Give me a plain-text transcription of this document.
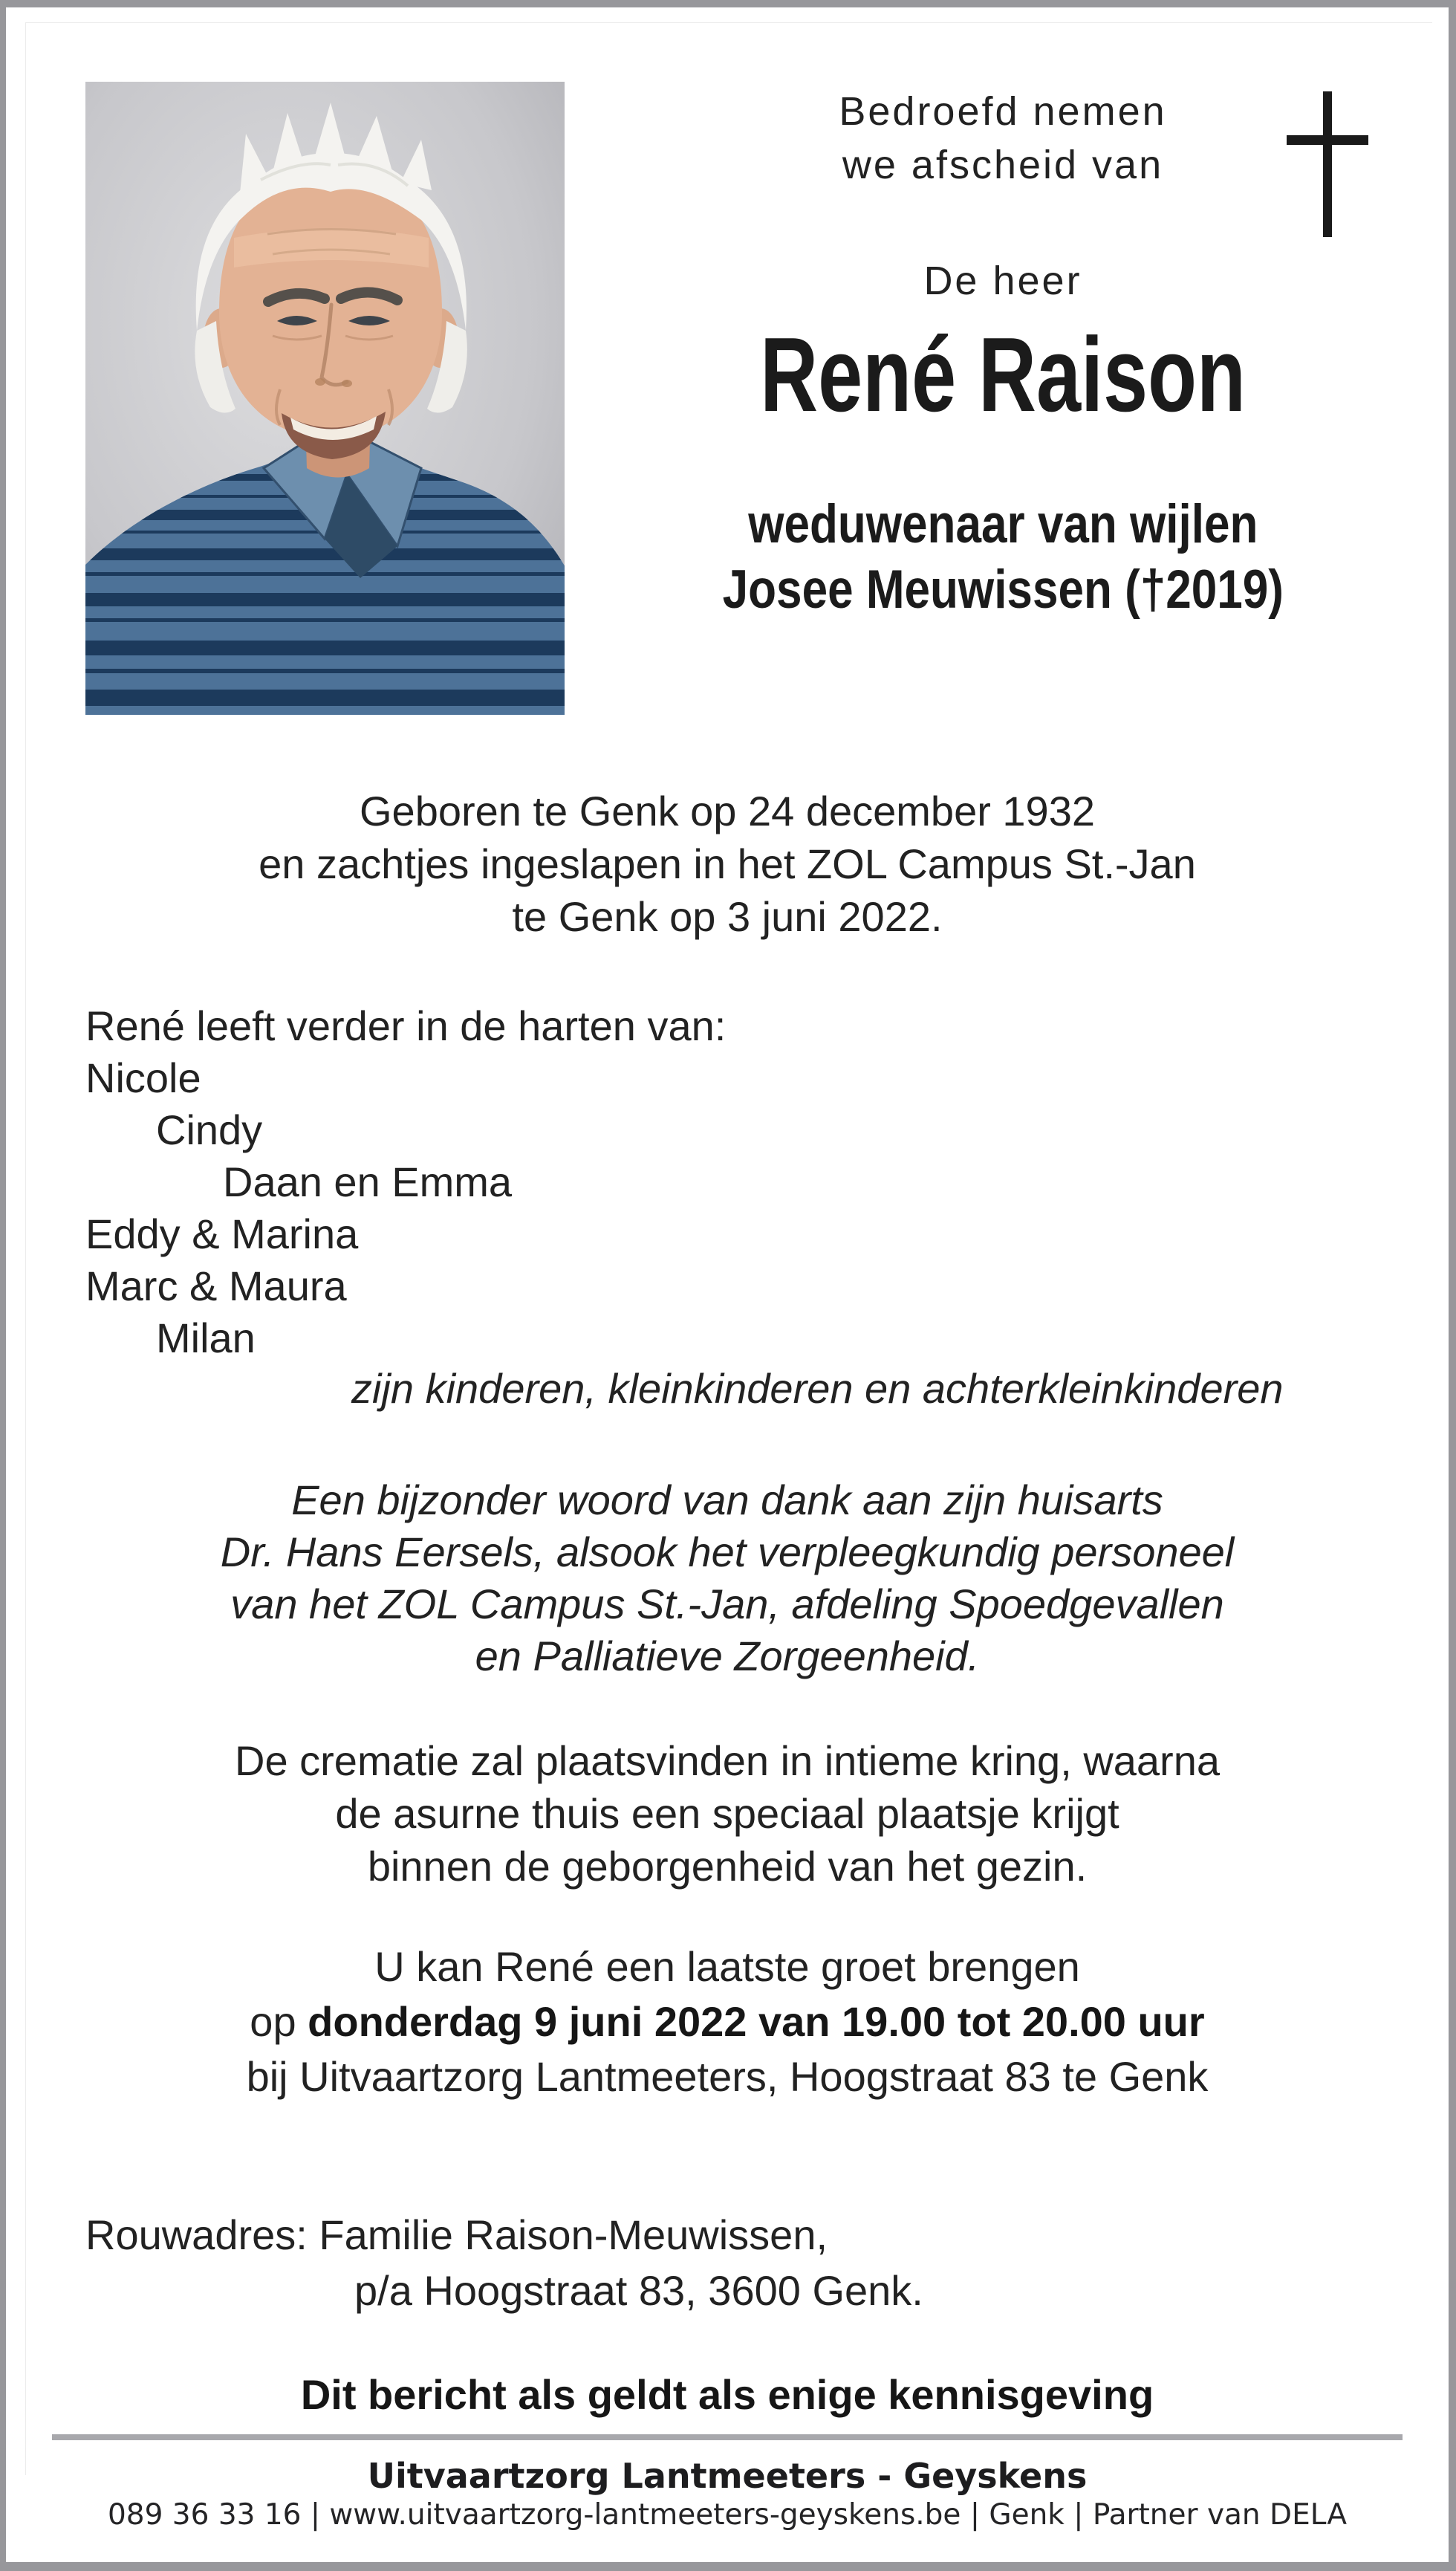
Bedroefd nemen
we afscheid van
De heer
René Raison
weduwenaar van wijlen
Josee Meuwissen (†2019)
Geboren te Genk op 24 december 1932
en zachtjes ingeslapen in het ZOL Campus St.-Jan
te Genk op 3 juni 2022.
René leeft verder in de harten van:
Nicole
Cindy
Daan en Emma
Eddy & Marina
Marc & Maura
Milan
zijn kinderen, kleinkinderen en achterkleinkinderen
Een bijzonder woord van dank aan zijn huisarts
Dr. Hans Eersels, alsook het verpleegkundig personeel
van het ZOL Campus St.-Jan, afdeling Spoedgevallen
en Palliatieve Zorgeenheid.
De crematie zal plaatsvinden in intieme kring, waarna
de asurne thuis een speciaal plaatsje krijgt
binnen de geborgenheid van het gezin.
U kan René een laatste groet brengen
op donderdag 9 juni 2022 van 19.00 tot 20.00 uur
bij Uitvaartzorg Lantmeeters, Hoogstraat 83 te Genk
Rouwadres: Familie Raison-Meuwissen,
p/a Hoogstraat 83, 3600 Genk.
Dit bericht als geldt als enige kennisgeving
Uitvaartzorg Lantmeeters - Geyskens
089 36 33 16 | www.uitvaartzorg-lantmeeters-geyskens.be | Genk | Partner van DELA
